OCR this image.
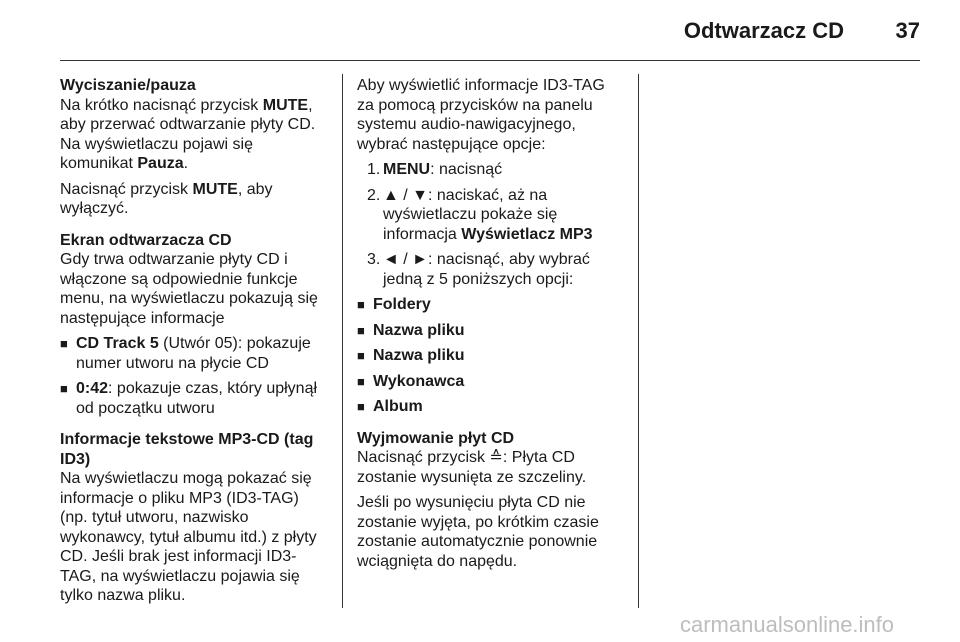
Odtwarzacz CD 37
Wyciszanie/pauza
Na krótko nacisnąć przycisk MUTE, aby przerwać odtwarzanie płyty CD. Na wyświetlaczu pojawi się komunikat Pauza.
Nacisnąć przycisk MUTE, aby wyłączyć.
Ekran odtwarzacza CD
Gdy trwa odtwarzanie płyty CD i włączone są odpowiednie funkcje menu, na wyświetlaczu pokazują się następujące informacje
■ CD Track 5 (Utwór 05): pokazuje numer utworu na płycie CD
■ 0:42: pokazuje czas, który upłynął od początku utworu
Informacje tekstowe MP3-CD (tag ID3)
Na wyświetlaczu mogą pokazać się informacje o pliku MP3 (ID3-TAG) (np. tytuł utworu, nazwisko wykonawcy, tytuł albumu itd.) z płyty CD. Jeśli brak jest informacji ID3-TAG, na wyświetlaczu pojawia się tylko nazwa pliku.
Aby wyświetlić informacje ID3-TAG za pomocą przycisków na panelu systemu audio-nawigacyjnego, wybrać następujące opcje:
1. MENU: nacisnąć
2. ▲ / ▼: naciskać, aż na wyświetlaczu pokaże się informacja Wyświetlacz MP3
3. ◄ / ►: nacisnąć, aby wybrać jedną z 5 poniższych opcji:
■ Foldery
■ Nazwa pliku
■ Nazwa pliku
■ Wykonawca
■ Album
Wyjmowanie płyt CD
Nacisnąć przycisk ≙: Płyta CD zostanie wysunięta ze szczeliny.
Jeśli po wysunięciu płyta CD nie zostanie wyjęta, po krótkim czasie zostanie automatycznie ponownie wciągnięta do napędu.
carmanualsonline.info
